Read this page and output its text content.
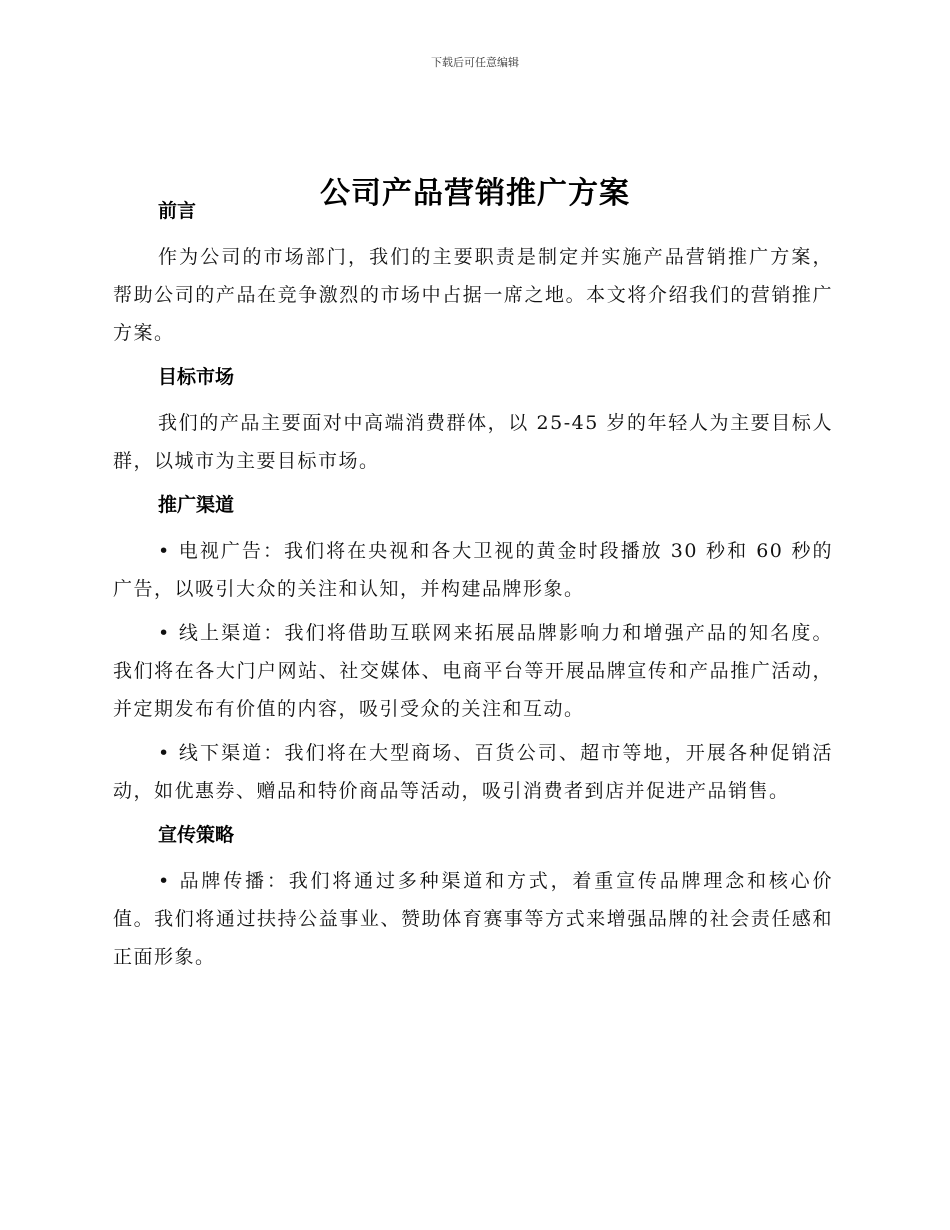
下载后可任意编辑
公司产品营销推广方案
前言

作为公司的市场部门，我们的主要职责是制定并实施产品营销推广方案，帮助公司的产品在竞争激烈的市场中占据一席之地。本文将介绍我们的营销推广方案。

目标市场

我们的产品主要面对中高端消费群体，以 25-45 岁的年轻人为主要目标人群，以城市为主要目标市场。

推广渠道

• 电视广告：我们将在央视和各大卫视的黄金时段播放 30 秒和 60 秒的广告，以吸引大众的关注和认知，并构建品牌形象。

• 线上渠道：我们将借助互联网来拓展品牌影响力和增强产品的知名度。我们将在各大门户网站、社交媒体、电商平台等开展品牌宣传和产品推广活动，并定期发布有价值的内容，吸引受众的关注和互动。

• 线下渠道：我们将在大型商场、百货公司、超市等地，开展各种促销活动，如优惠券、赠品和特价商品等活动，吸引消费者到店并促进产品销售。

宣传策略

• 品牌传播：我们将通过多种渠道和方式，着重宣传品牌理念和核心价值。我们将通过扶持公益事业、赞助体育赛事等方式来增强品牌的社会责任感和正面形象。
